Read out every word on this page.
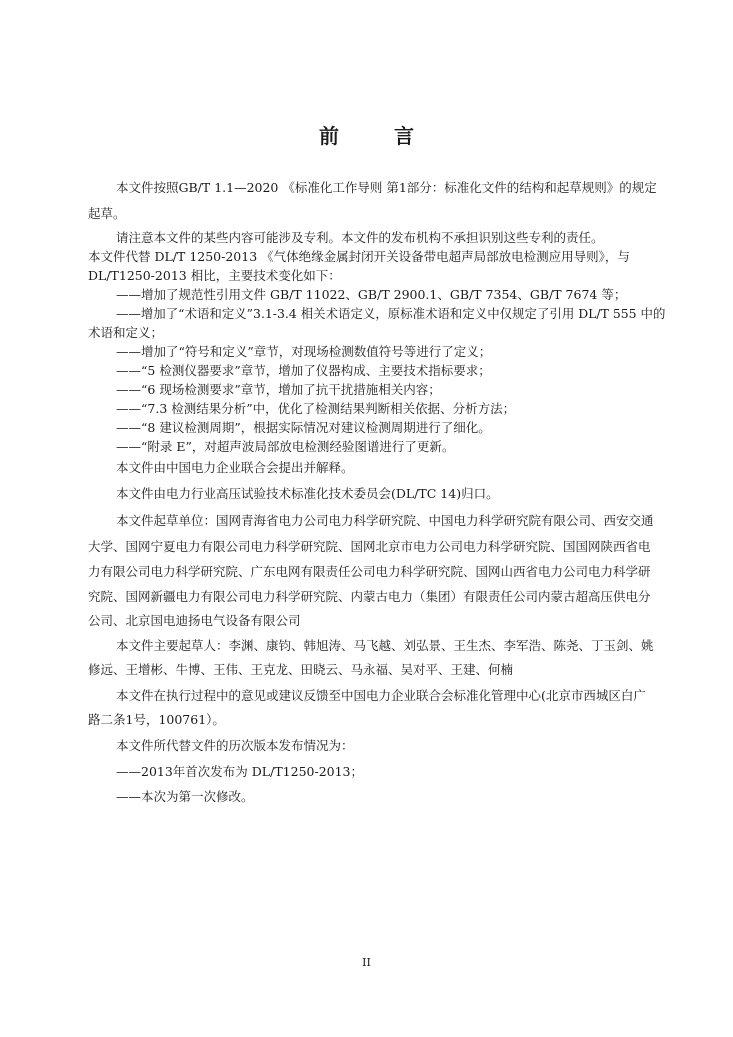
前 言
本文件按照GB/T 1.1—2020 《标准化工作导则 第1部分：标准化文件的结构和起草规则》的规定
起草。
请注意本文件的某些内容可能涉及专利。本文件的发布机构不承担识别这些专利的责任。
本文件代替 DL/T 1250-2013 《气体绝缘金属封闭开关设备带电超声局部放电检测应用导则》，与
DL/T1250-2013 相比，主要技术变化如下：
——增加了规范性引用文件 GB/T 11022、GB/T 2900.1、GB/T 7354、GB/T 7674 等；
——增加了“术语和定义”3.1-3.4 相关术语定义，原标准术语和定义中仅规定了引用 DL/T 555 中的
术语和定义；
——增加了“符号和定义”章节，对现场检测数值符号等进行了定义；
——“5 检测仪器要求”章节，增加了仪器构成、主要技术指标要求；
——“6 现场检测要求”章节，增加了抗干扰措施相关内容；
——“7.3 检测结果分析”中，优化了检测结果判断相关依据、分析方法；
——“8 建议检测周期”，根据实际情况对建议检测周期进行了细化。
——“附录 E”，对超声波局部放电检测经验图谱进行了更新。
本文件由中国电力企业联合会提出并解释。
本文件由电力行业高压试验技术标准化技术委员会(DL/TC 14)归口。
本文件起草单位：国网青海省电力公司电力科学研究院、中国电力科学研究院有限公司、西安交通
大学、国网宁夏电力有限公司电力科学研究院、国网北京市电力公司电力科学研究院、国国网陕西省电
力有限公司电力科学研究院、广东电网有限责任公司电力科学研究院、国网山西省电力公司电力科学研
究院、国网新疆电力有限公司电力科学研究院、内蒙古电力（集团）有限责任公司内蒙古超高压供电分
公司、北京国电迪扬电气设备有限公司
本文件主要起草人：李渊、康钧、韩旭涛、马飞越、刘弘景、王生杰、李军浩、陈尧、丁玉剑、姚
修远、王增彬、牛博、王伟、王克龙、田晓云、马永福、吴对平、王建、何楠
本文件在执行过程中的意见或建议反馈至中国电力企业联合会标准化管理中心(北京市西城区白广
路二条1号，100761）。
本文件所代替文件的历次版本发布情况为：
——2013年首次发布为 DL/T1250-2013；
——本次为第一次修改。
II
